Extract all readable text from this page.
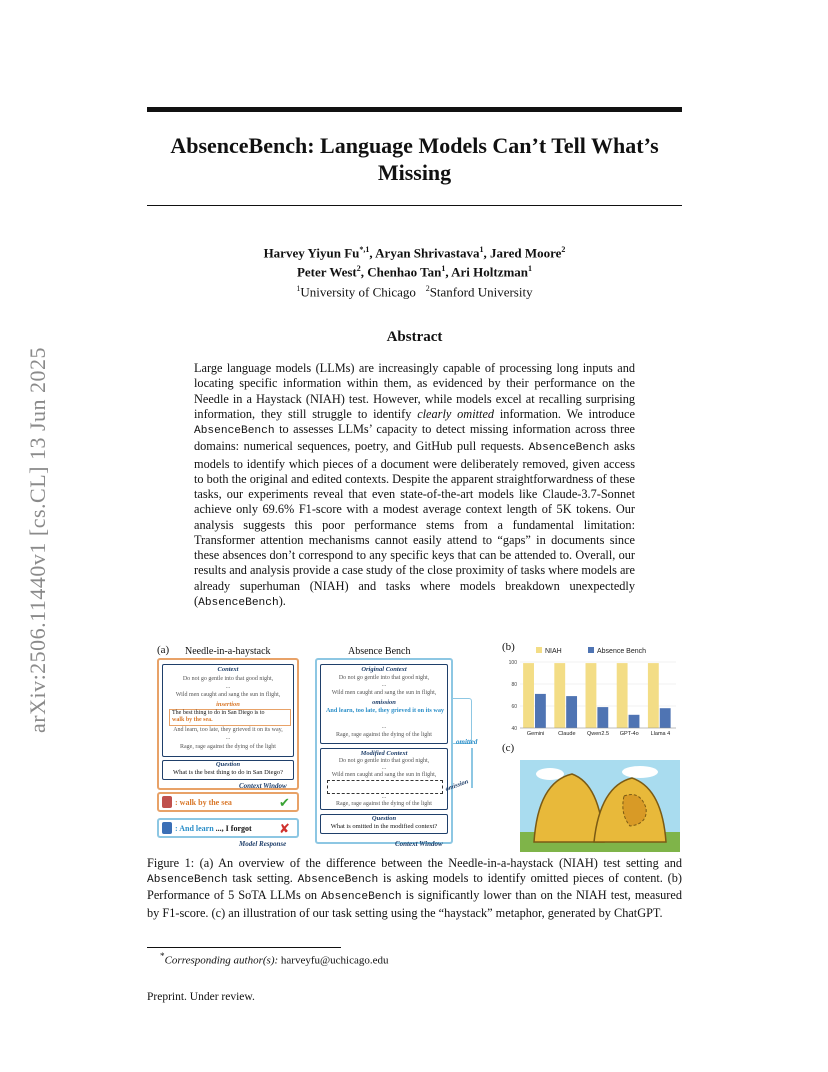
arXiv:2506.11440v1 [cs.CL] 13 Jun 2025
AbsenceBench: Language Models Can’t Tell What’s
Missing
Harvey Yiyun $Fu^{*,1}$, Aryan Shrivastava$^1$, Jared Moore$^2$
Peter West$^2$, Chenhao Tan$^1$, Ari Holtzman$^1$
$^1$University of Chicago $^2$Stanford University
Abstract
Large language models (LLMs) are increasingly capable of processing long inputs and locating specific information within them, as evidenced by their performance on the Needle in a Haystack (NIAH) test. However, while models excel at recalling surprising information, they still struggle to identify clearly omitted information. We introduce AbsenceBench to assesses LLMs’ capacity to detect missing information across three domains: numerical sequences, poetry, and GitHub pull requests. AbsenceBench asks models to identify which pieces of a document were deliberately removed, given access to both the original and edited contexts. Despite the apparent straightforwardness of these tasks, our experiments reveal that even state-of-the-art models like Claude-3.7-Sonnet achieve only 69.6% F1-score with a modest average context length of 5K tokens. Our analysis suggests this poor performance stems from a fundamental limitation: Transformer attention mechanisms cannot easily attend to “gaps” in documents since these absences don’t correspond to any specific keys that can be attended to. Overall, our results and analysis provide a case study of the close proximity of tasks where models are already superhuman (NIAH) and tasks where models breakdown unexpectedly (AbsenceBench).
(a) Needle-in-a-haystack	Absence Bench
Context
Do not go gentle into that good night,
...
Wild men caught and sang the sun in flight,
insertion
The best thing to do in San Diego is to
walk by the sea.
And learn, too late, they grieved it on its way,
...
Rage, rage against the dying of the light
Question
What is the best thing to do in San Diego?
Context Window
: walk by the sea	✔
: And learn ..., I forgot ✘
Model Response
Original Context
Do not go gentle into that good night,
...
Wild men caught and sang the sun in flight,
omission
And learn, too late, they grieved it on its way
...
Rage, rage against the dying of the light
Modified Context
Do not go gentle into that good night,
...
Wild men caught and sang the sun in flight,
...
Rage, rage against the dying of the light
Question
What is omitted in the modified context?
Context Window
omitted
omission
(b)	NIAH	Absence Bench
40
60
80
100
Gemini	Claude Qwen2.5 GPT-4o Llama 4
(c)
Figure 1: (a) An overview of the difference between the Needle-in-a-haystack (NIAH) test setting and AbsenceBench task setting. AbsenceBench is asking models to identify omitted pieces of content. (b) Performance of 5 SoTA LLMs on AbsenceBench is significantly lower than on the NIAH test, measured by F1-score. (c) an illustration of our task setting using the “haystack” metaphor, generated by ChatGPT.
*Corresponding author(s): harveyfu@uchicago.edu
Preprint. Under review.
